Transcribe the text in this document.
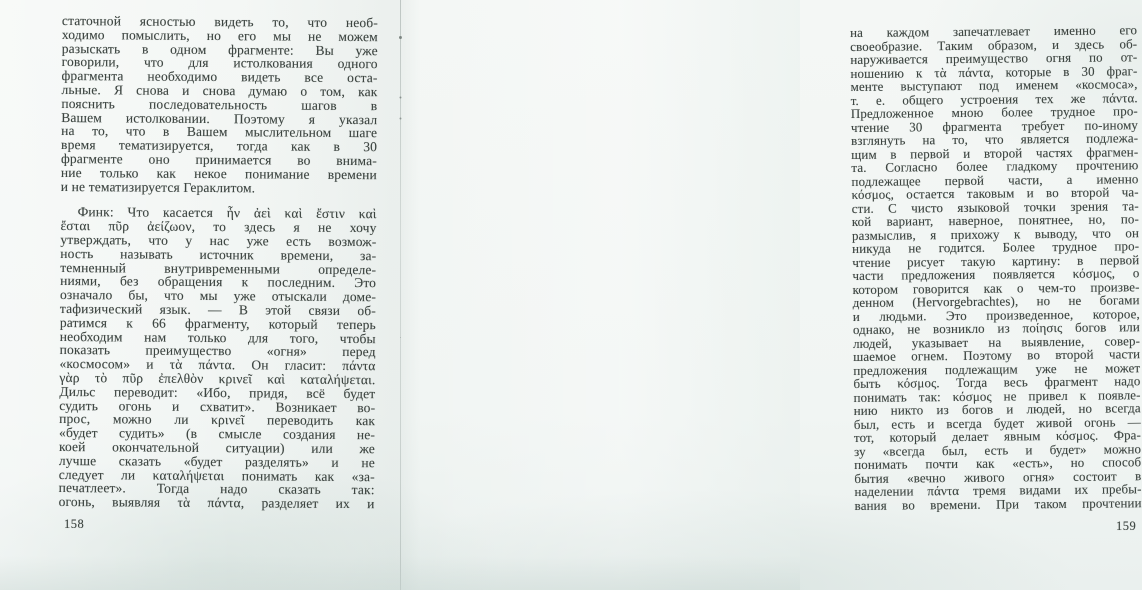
статочной ясностью видеть то, что необ-
ходимо помыслить, но его мы не можем
разыскать в одном фрагменте: Вы уже
говорили, что для истолкования одного
фрагмента необходимо видеть все оста-
льные. Я снова и снова думаю о том, как
пояснить последовательность шагов в
Вашем истолковании. Поэтому я указал
на то, что в Вашем мыслительном шаге
время тематизируется, тогда как в 30
фрагменте оно принимается во внима-
ние только как некое понимание времени
и не тематизируется Гераклитом.
Финк: Что касается ἦν ἀεὶ καὶ ἔστιν καὶ
ἔσται πῦρ ἀείζωον, то здесь я не хочу
утверждать, что у нас уже есть возмож-
ность называть источник времени, за-
темненный внутривременными определе-
ниями, без обращения к последним. Это
означало бы, что мы уже отыскали доме-
тафизический язык. — В этой связи об-
ратимся к 66 фрагменту, который теперь
необходим нам только для того, чтобы
показать преимущество «огня» перед
«космосом» и τὰ πάντα. Он гласит: πάντα
γὰρ τὸ πῦρ ἐπελθὸν κρινεῖ καὶ καταλήψεται.
Дильс переводит: «Ибо, придя, всё будет
судить огонь и схватит». Возникает во-
прос, можно ли κρινεῖ переводить как
«будет судить» (в смысле создания не-
коей окончательной ситуации) или же
лучше сказать «будет разделять» и не
следует ли καταλήψεται понимать как «за-
печатлеет». Тогда надо сказать так:
огонь, выявляя τὰ πάντα, разделяет их и
158
на каждом запечатлевает именно его
своеобразие. Таким образом, и здесь об-
наруживается преимущество огня по от-
ношению к τὰ πάντα, которые в 30 фраг-
менте выступают под именем «космоса»,
т. е. общего устроения тех же πάντα.
Предложенное мною более трудное про-
чтение 30 фрагмента требует по-иному
взглянуть на то, что является подлежа-
щим в первой и второй частях фрагмен-
та. Согласно более гладкому прочтению
подлежащее первой части, а именно
κόσμος, остается таковым и во второй ча-
сти. С чисто языковой точки зрения та-
кой вариант, наверное, понятнее, но, по-
размыслив, я прихожу к выводу, что он
никуда не годится. Более трудное про-
чтение рисует такую картину: в первой
части предложения появляется κόσμος, о
котором говорится как о чем-то произве-
денном (Hervorgebrachtes), но не богами
и людьми. Это произведенное, которое,
однако, не возникло из ποίησις богов или
людей, указывает на выявление, совер-
шаемое огнем. Поэтому во второй части
предложения подлежащим уже не может
быть κόσμος. Тогда весь фрагмент надо
понимать так: κόσμος не привел к появле-
нию никто из богов и людей, но всегда
был, есть и всегда будет живой огонь —
тот, который делает явным κόσμος. Фра-
зу «всегда был, есть и будет» можно
понимать почти как «есть», но способ
бытия «вечно живого огня» состоит в
наделении πάντα тремя видами их пребы-
вания во времени. При таком прочтении
159
